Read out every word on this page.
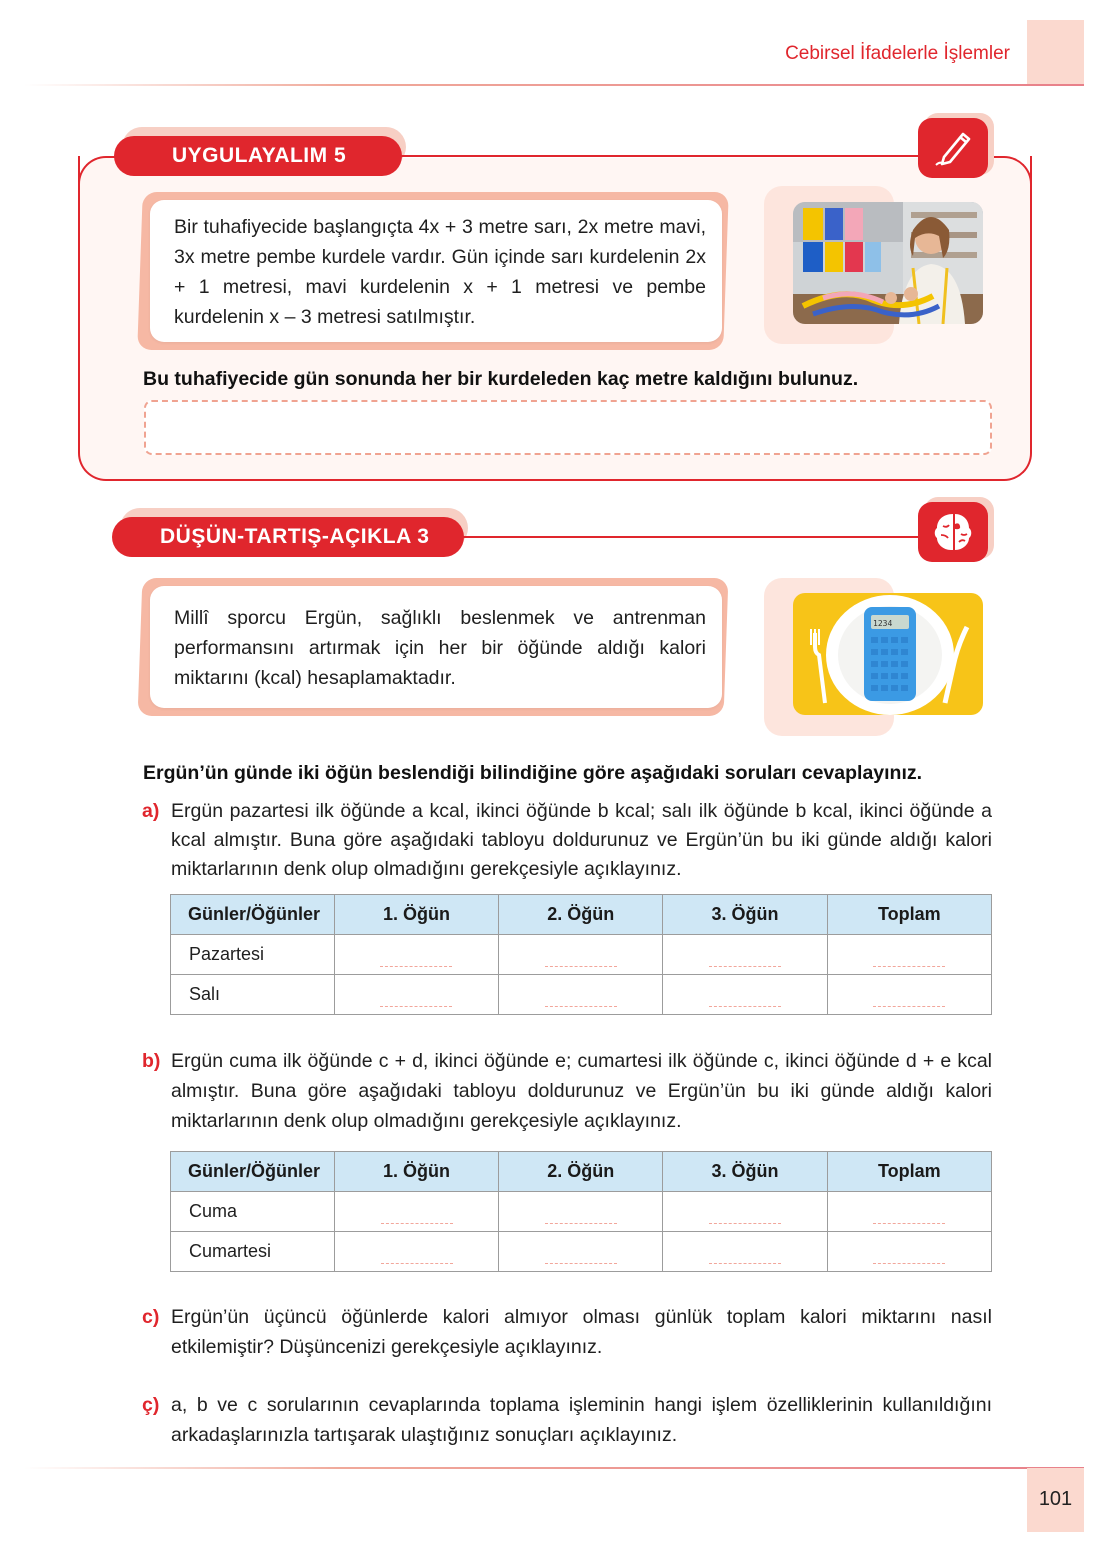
Cebirsel İfadelerle İşlemler
UYGULAYALIM 5
Bir tuhafiyecide başlangıçta 4x + 3 metre sarı, 2x metre mavi, 3x metre pembe kurdele vardır. Gün içinde sarı kurdelenin 2x + 1 metresi, mavi kurdelenin x + 1 metresi ve pembe kurdelenin x – 3 metresi satılmıştır.
Bu tuhafiyecide gün sonunda her bir kurdeleden kaç metre kaldığını bulunuz.
DÜŞÜN-TARTIŞ-AÇIKLA 3
Millî sporcu Ergün, sağlıklı beslenmek ve antrenman performansını artırmak için her bir öğünde aldığı kalori miktarını (kcal) hesaplamaktadır.
1234
Ergün’ün günde iki öğün beslendiği bilindiğine göre aşağıdaki soruları cevaplayınız.
a) Ergün pazartesi ilk öğünde a kcal, ikinci öğünde b kcal; salı ilk öğünde b kcal, ikinci öğünde a kcal almıştır. Buna göre aşağıdaki tabloyu doldurunuz ve Ergün’ün bu iki günde aldığı kalori miktarlarının denk olup olmadığını gerekçesiyle açıklayınız.
Günler/Öğünler	1. Öğün	2. Öğün	3. Öğün	Toplam
Pazartesi	

Salı	

b) Ergün cuma ilk öğünde c + d, ikinci öğünde e; cumartesi ilk öğünde c, ikinci öğünde d + e kcal almıştır. Buna göre aşağıdaki tabloyu doldurunuz ve Ergün’ün bu iki günde aldığı kalori miktarlarının denk olup olmadığını gerekçesiyle açıklayınız.
Günler/Öğünler	1. Öğün	2. Öğün	3. Öğün	Toplam
Cuma	

Cumartesi	

c) Ergün’ün üçüncü öğünlerde kalori almıyor olması günlük toplam kalori miktarını nasıl etkilemiştir? Düşüncenizi gerekçesiyle açıklayınız.
ç) a, b ve c sorularının cevaplarında toplama işleminin hangi işlem özelliklerinin kullanıldığını arkadaşlarınızla tartışarak ulaştığınız sonuçları açıklayınız.
101
